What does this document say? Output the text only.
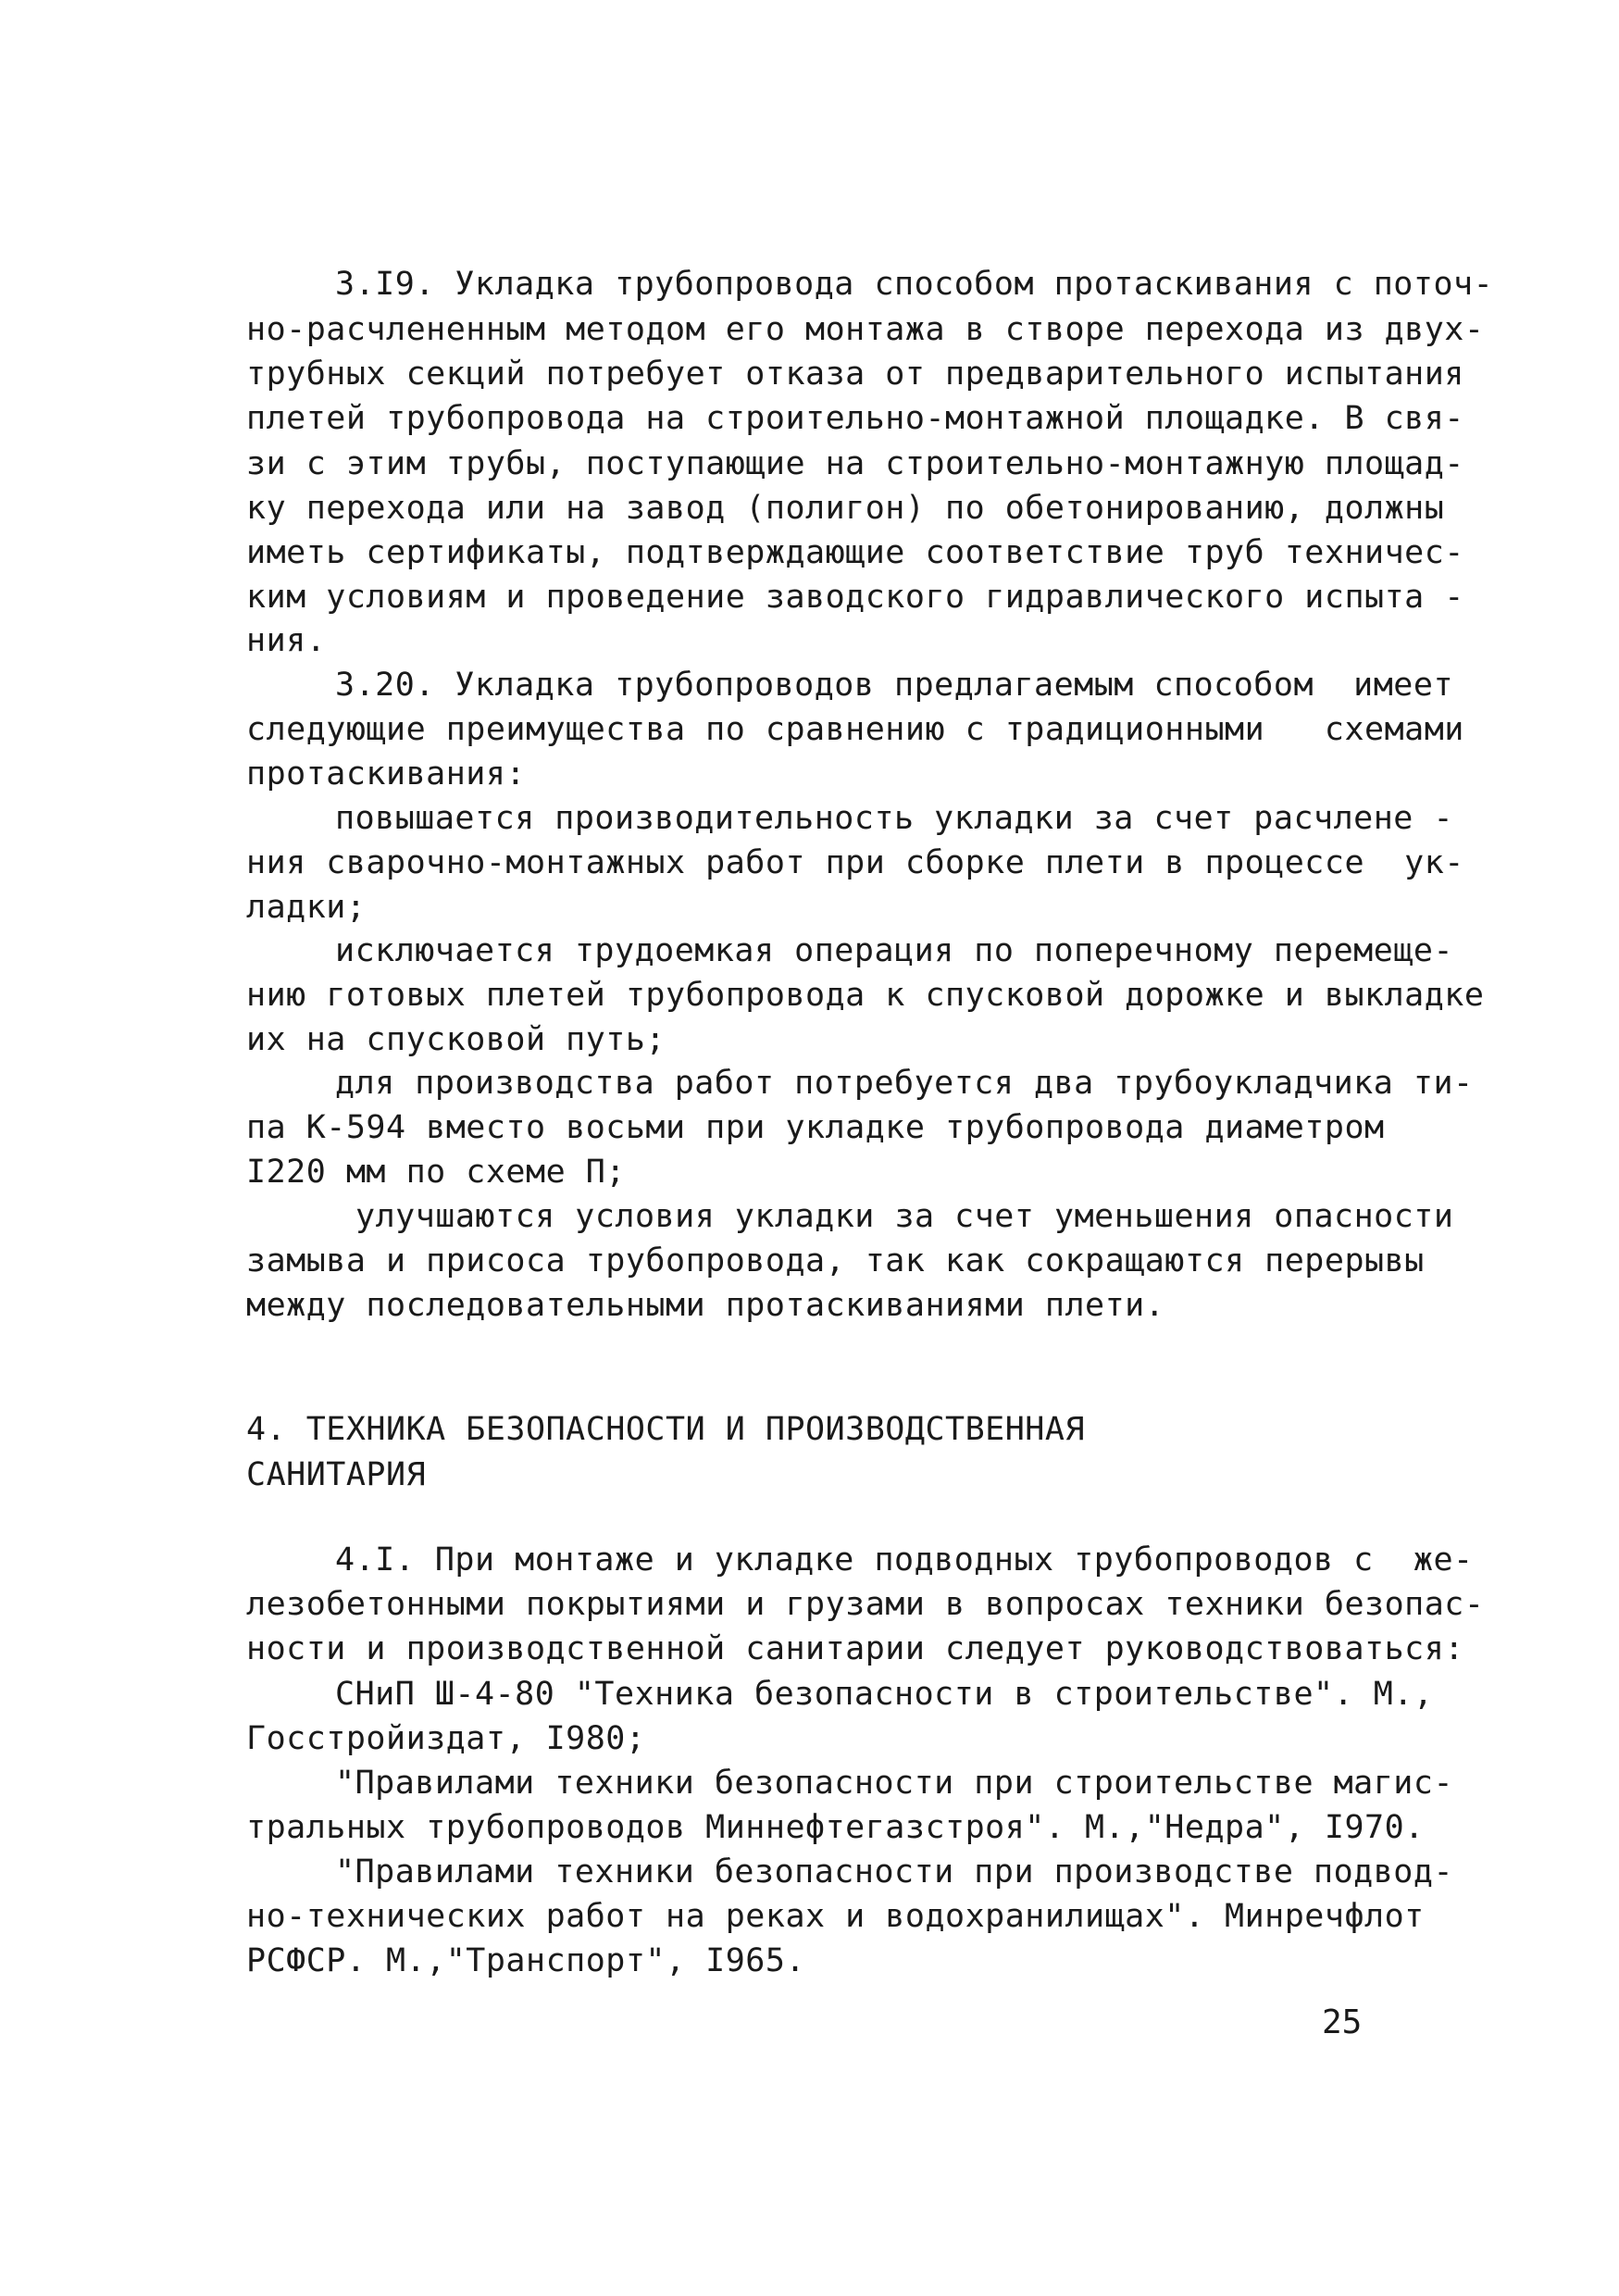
3.I9. Укладка трубопровода способом протаскивания с поточ-
но-расчлененным методом его монтажа в створе перехода из двух-
трубных секций потребует отказа от предварительного испытания
плетей трубопровода на строительно-монтажной площадке. В свя-
зи с этим трубы, поступающие на строительно-монтажную площад-
ку перехода или на завод (полигон) по обетонированию, должны
иметь сертификаты, подтверждающие соответствие труб техничес-
ким условиям и проведение заводского гидравлического испыта -
ния.
3.20. Укладка трубопроводов предлагаемым способом  имеет
следующие преимущества по сравнению с традиционными   схемами
протаскивания:
повышается производительность укладки за счет расчлене -
ния сварочно-монтажных работ при сборке плети в процессе  ук-
ладки;
исключается трудоемкая операция по поперечному перемеще-
нию готовых плетей трубопровода к спусковой дорожке и выкладке
их на спусковой путь;
для производства работ потребуется два трубоукладчика ти-
па К-594 вместо восьми при укладке трубопровода диаметром
I220 мм по схеме П;
улучшаются условия укладки за счет уменьшения опасности
замыва и присоса трубопровода, так как сокращаются перерывы
между последовательными протаскиваниями плети.
4. ТЕХНИКА БЕЗОПАСНОСТИ И ПРОИЗВОДСТВЕННАЯ
САНИТАРИЯ
4.I. При монтаже и укладке подводных трубопроводов с  же-
лезобетонными покрытиями и грузами в вопросах техники безопас-
ности и производственной санитарии следует руководствоваться:
СНиП Ш-4-80 "Техника безопасности в строительстве". М.,
Госстройиздат, I980;
"Правилами техники безопасности при строительстве магис-
тральных трубопроводов Миннефтегазстроя". М.,"Недра", I970.
"Правилами техники безопасности при производстве подвод-
но-технических работ на реках и водохранилищах". Минречфлот
РСФСР. М.,"Транспорт", I965.
25
